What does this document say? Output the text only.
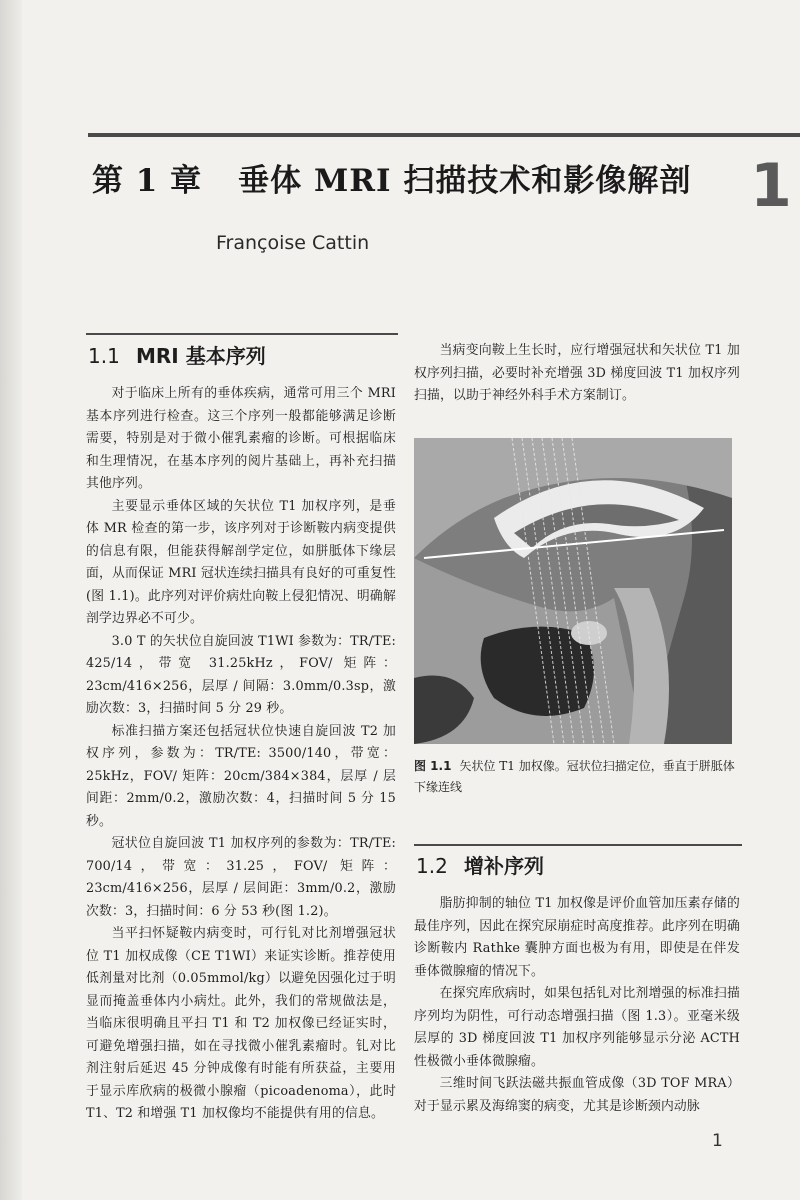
1
第 1 章 垂体 MRI 扫描技术和影像解剖

Françoise Cattin

1.1 MRI 基本序列

对于临床上所有的垂体疾病，通常可用三个 MRI 基本序列进行检查。这三个序列一般都能够满足诊断需要，特别是对于微小催乳素瘤的诊断。可根据临床和生理情况，在基本序列的阅片基础上，再补充扫描其他序列。

主要显示垂体区域的矢状位 T1 加权序列，是垂体 MR 检查的第一步，该序列对于诊断鞍内病变提供的信息有限，但能获得解剖学定位，如胼胝体下缘层面，从而保证 MRI 冠状连续扫描具有良好的可重复性(图 1.1)。此序列对评价病灶向鞍上侵犯情况、明确解剖学边界必不可少。

3.0 T 的矢状位自旋回波 T1WI 参数为：TR/TE: 425/14，带宽 31.25kHz，FOV/ 矩阵：23cm/416×256，层厚 / 间隔：3.0mm/0.3sp，激励次数：3，扫描时间 5 分 29 秒。

标准扫描方案还包括冠状位快速自旋回波 T2 加权序列，参数为：TR/TE: 3500/140，带宽：25kHz，FOV/ 矩阵：20cm/384×384，层厚 / 层间距：2mm/0.2，激励次数：4，扫描时间 5 分 15 秒。

冠状位自旋回波 T1 加权序列的参数为：TR/TE: 700/14，带宽：31.25，FOV/ 矩阵：23cm/416×256，层厚 / 层间距：3mm/0.2，激励次数：3，扫描时间：6 分 53 秒(图 1.2)。

当平扫怀疑鞍内病变时，可行钆对比剂增强冠状位 T1 加权成像（CE T1WI）来证实诊断。推荐使用低剂量对比剂（0.05mmol/kg）以避免因强化过于明显而掩盖垂体内小病灶。此外，我们的常规做法是，当临床很明确且平扫 T1 和 T2 加权像已经证实时，可避免增强扫描，如在寻找微小催乳素瘤时。钆对比剂注射后延迟 45 分钟成像有时能有所获益，主要用于显示库欣病的极微小腺瘤（picoadenoma），此时 T1、T2 和增强 T1 加权像均不能提供有用的信息。

当病变向鞍上生长时，应行增强冠状和矢状位 T1 加权序列扫描，必要时补充增强 3D 梯度回波 T1 加权序列扫描，以助于神经外科手术方案制订。

图 1.1 矢状位 T1 加权像。冠状位扫描定位，垂直于胼胝体下缘连线

1.2 增补序列

脂肪抑制的轴位 T1 加权像是评价血管加压素存储的最佳序列，因此在探究尿崩症时高度推荐。此序列在明确诊断鞍内 Rathke 囊肿方面也极为有用，即使是在伴发垂体微腺瘤的情况下。

在探究库欣病时，如果包括钆对比剂增强的标准扫描序列均为阴性，可行动态增强扫描（图 1.3）。亚毫米级层厚的 3D 梯度回波 T1 加权序列能够显示分泌 ACTH 性极微小垂体微腺瘤。

三维时间飞跃法磁共振血管成像（3D TOF MRA）对于显示累及海绵窦的病变，尤其是诊断颈内动脉

1
